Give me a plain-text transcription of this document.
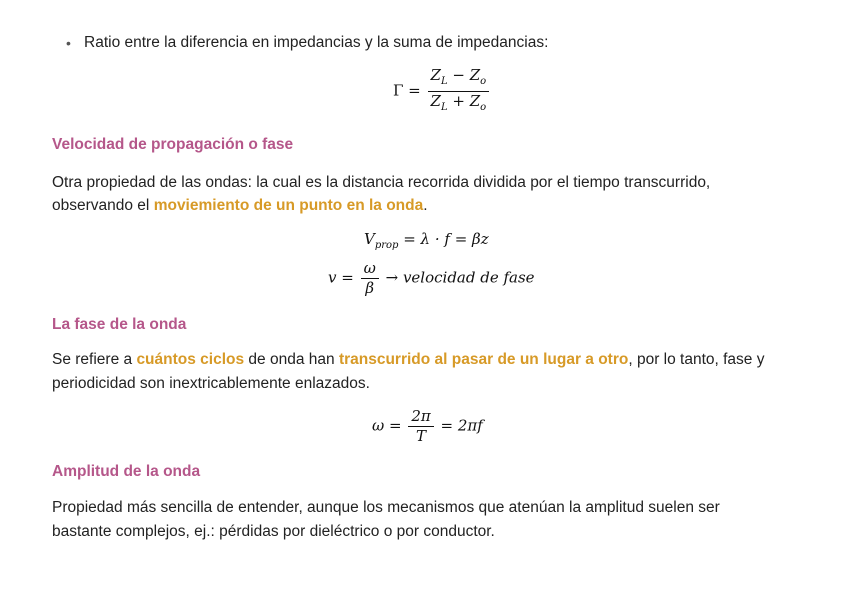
• Ratio entre la diferencia en impedancias y la suma de impedancias:
$\Gamma = \frac{Z_L - Z_o}{Z_L + Z_o}$
Velocidad de propagación o fase
Otra propiedad de las ondas: la cual es la distancia recorrida dividida por el tiempo transcurrido,
observando el moviemiento de un punto en la onda.
$V_{prop} = \lambda \cdot f = \beta z$
$v = \frac{\omega}{\beta}$ → velocidad de fase
La fase de la onda
Se refiere a cuántos ciclos de onda han transcurrido al pasar de un lugar a otro, por lo tanto, fase y
periodicidad son inextricablemente enlazados.
$\omega = \frac{2\pi}{T} = 2\pi f$
Amplitud de la onda
Propiedad más sencilla de entender, aunque los mecanismos que atenúan la amplitud suelen ser
bastante complejos, ej.: pérdidas por dieléctrico o por conductor.
